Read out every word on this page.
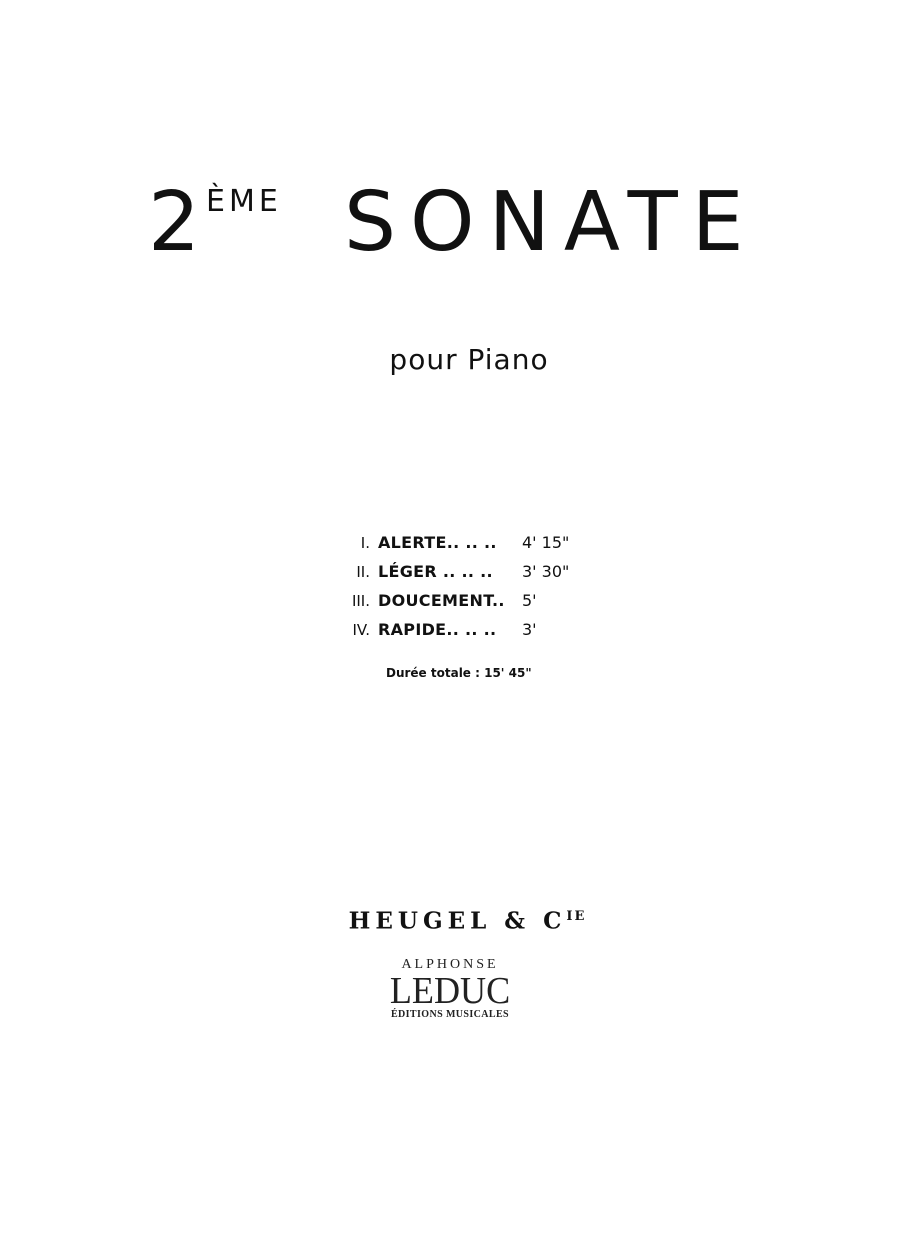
2 ÈME SONATE
pour Piano
I. ALERTE.. .. .. 4' 15"
II. LÉGER .. .. .. 3' 30"
III. DOUCEMENT.. 5'
IV. RAPIDE.. .. .. 3'
Durée totale : 15' 45"
HEUGEL & $C^{IE}$
ALPHONSE
LEDUC
ÉDITIONS MUSICALES
